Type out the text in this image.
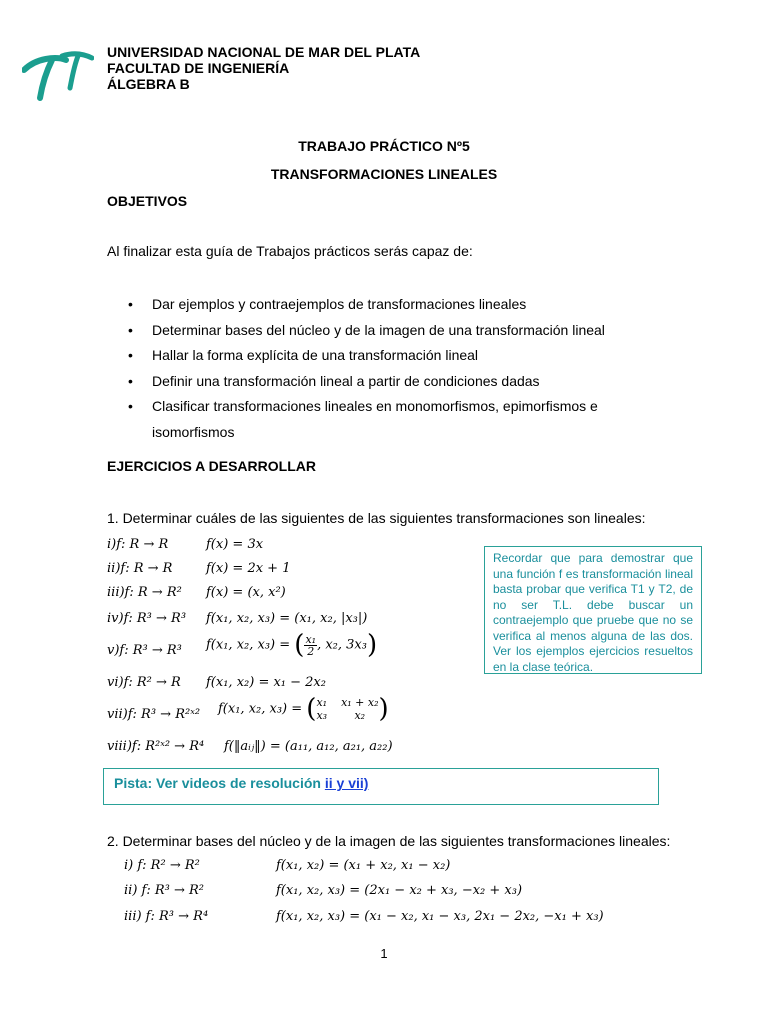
UNIVERSIDAD NACIONAL DE MAR DEL PLATA
FACULTAD DE INGENIERÍA
ÁLGEBRA B
TRABAJO PRÁCTICO Nº5
TRANSFORMACIONES LINEALES
OBJETIVOS
Al finalizar esta guía de Trabajos prácticos serás capaz de:
• Dar ejemplos y contraejemplos de transformaciones lineales
• Determinar bases del núcleo y de la imagen de una transformación lineal
• Hallar la forma explícita de una transformación lineal
• Definir una transformación lineal a partir de condiciones dadas
• Clasificar transformaciones lineales en monomorfismos, epimorfismos e isomorfismos
EJERCICIOS A DESARROLLAR
1. Determinar cuáles de las siguientes de las siguientes transformaciones son lineales:
i)f: R → R	f(x) = 3x
ii)f: R → R	f(x) = 2x + 1
iii)f: R → R² f(x) = (x, x²)
iv)f: R³ → R³ f(x₁, x₂, x₃) = (x₁, x₂, |x₃|)
v)f: R³ → R³ f(x₁, x₂, x₃) = ( $\frac{\text{x₁}}{2}$ , x₂, 3x₃)
vi)f: R² → R f(x₁, x₂) = x₁ − 2x₂
vii)f: R³ → R²ˣ² f(x₁, x₂, x₃) = ( x₁ x₁ + x₂
x₃	x₂ )
viii)f: R²ˣ² → R⁴ f(‖aᵢⱼ‖) = (a₁₁, a₁₂, a₂₁, a₂₂)
Recordar que para demostrar que una función f es transformación lineal basta probar que verifica T1 y T2, de no ser T.L. debe buscar un contraejemplo que pruebe que no se verifica al menos alguna de las dos. Ver los ejemplos ejercicios resueltos en la clase teórica.
Pista: Ver videos de resolución ii y vii)
2. Determinar bases del núcleo y de la imagen de las siguientes transformaciones lineales:
i) f: R² → R²	f(x₁, x₂) = (x₁ + x₂, x₁ − x₂)
ii) f: R³ → R²	f(x₁, x₂, x₃) = (2x₁ − x₂ + x₃, −x₂ + x₃)
iii) f: R³ → R⁴	f(x₁, x₂, x₃) = (x₁ − x₂, x₁ − x₃, 2x₁ − 2x₂, −x₁ + x₃)
1
